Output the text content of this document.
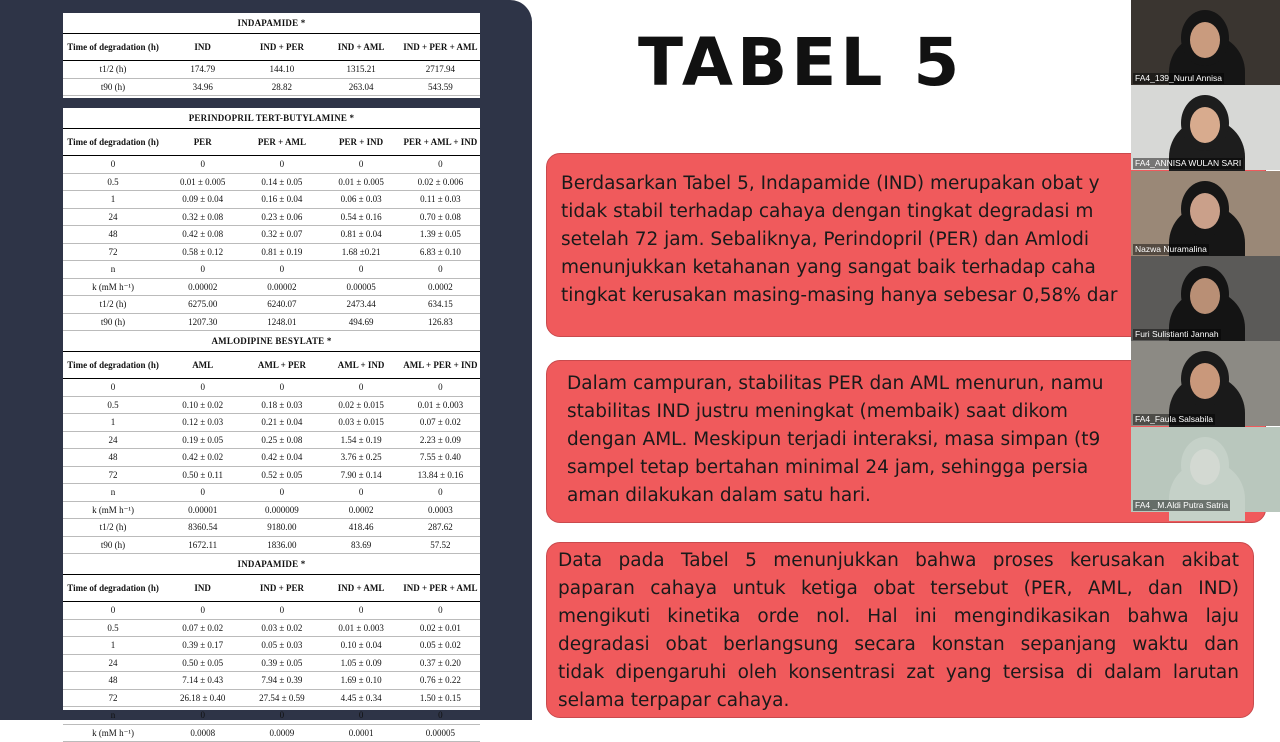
INDAPAMIDE *				
Time of degradation (h)	IND	IND + PER	IND + AML	IND + PER + AML
t1/2 (h)	174.79	144.10	1315.21	2717.94
t90 (h)	34.96	28.82	263.04	543.59
PERINDOPRIL TERT-BUTYLAMINE *				
Time of degradation (h)	PER	PER + AML	PER + IND	PER + AML + IND
0	0	0	0	0
0.5	0.01 ± 0.005	0.14 ± 0.05	0.01 ± 0.005	0.02 ± 0.006
1	0.09 ± 0.04	0.16 ± 0.04	0.06 ± 0.03	0.11 ± 0.03
24	0.32 ± 0.08	0.23 ± 0.06	0.54 ± 0.16	0.70 ± 0.08
48	0.42 ± 0.08	0.32 ± 0.07	0.81 ± 0.04	1.39 ± 0.05
72	0.58 ± 0.12	0.81 ± 0.19	1.68 ±0.21	6.83 ± 0.10
n	0	0	0	0
k (mM h⁻¹)	0.00002	0.00002	0.00005	0.0002
t1/2 (h)	6275.00	6240.07	2473.44	634.15
t90 (h)	1207.30	1248.01	494.69	126.83
AMLODIPINE BESYLATE *				
Time of degradation (h)	AML	AML + PER	AML + IND	AML + PER + IND
0	0	0	0	0
0.5	0.10 ± 0.02	0.18 ± 0.03	0.02 ± 0.015	0.01 ± 0.003
1	0.12 ± 0.03	0.21 ± 0.04	0.03 ± 0.015	0.07 ± 0.02
24	0.19 ± 0.05	0.25 ± 0.08	1.54 ± 0.19	2.23 ± 0.09
48	0.42 ± 0.02	0.42 ± 0.04	3.76 ± 0.25	7.55 ± 0.40
72	0.50 ± 0.11	0.52 ± 0.05	7.90 ± 0.14	13.84 ± 0.16
n	0	0	0	0
k (mM h⁻¹)	0.00001	0.000009	0.0002	0.0003
t1/2 (h)	8360.54	9180.00	418.46	287.62
t90 (h)	1672.11	1836.00	83.69	57.52
INDAPAMIDE *				
Time of degradation (h)	IND	IND + PER	IND + AML	IND + PER + AML
0	0	0	0	0
0.5	0.07 ± 0.02	0.03 ± 0.02	0.01 ± 0.003	0.02 ± 0.01
1	0.39 ± 0.17	0.05 ± 0.03	0.10 ± 0.04	0.05 ± 0.02
24	0.50 ± 0.05	0.39 ± 0.05	1.05 ± 0.09	0.37 ± 0.20
48	7.14 ± 0.43	7.94 ± 0.39	1.69 ± 0.10	0.76 ± 0.22
72	26.18 ± 0.40	27.54 ± 0.59	4.45 ± 0.34	1.50 ± 0.15
n	0	0	0	0
k (mM h⁻¹)	0.0008	0.0009	0.0001	0.00005
TABEL 5

Berdasarkan Tabel 5, Indapamide (IND) merupakan obat y

tidak stabil terhadap cahaya dengan tingkat degradasi m

setelah 72 jam. Sebaliknya, Perindopril (PER) dan Amlodi

menunjukkan ketahanan yang sangat baik terhadap caha

tingkat kerusakan masing-masing hanya sebesar 0,58% dar

Dalam campuran, stabilitas PER dan AML menurun, namu

stabilitas IND justru meningkat (membaik) saat dikom

dengan AML. Meskipun terjadi interaksi, masa simpan (t9

sampel tetap bertahan minimal 24 jam, sehingga persia

aman dilakukan dalam satu hari.

Data pada Tabel 5 menunjukkan bahwa proses kerusakan akibat

paparan cahaya untuk ketiga obat tersebut (PER, AML, dan IND)

mengikuti kinetika orde nol. Hal ini mengindikasikan bahwa laju

degradasi obat berlangsung secara konstan sepanjang waktu dan

tidak dipengaruhi oleh konsentrasi zat yang tersisa di dalam larutan

selama terpapar cahaya.

FA4_139_Nurul Annisa
FA4_ANNISA WULAN SARI
Nazwa Nuramalina
Furi Sulistianti Jannah
FA4_Faula Salsabila
FA4 _M.Aldi Putra Satria
